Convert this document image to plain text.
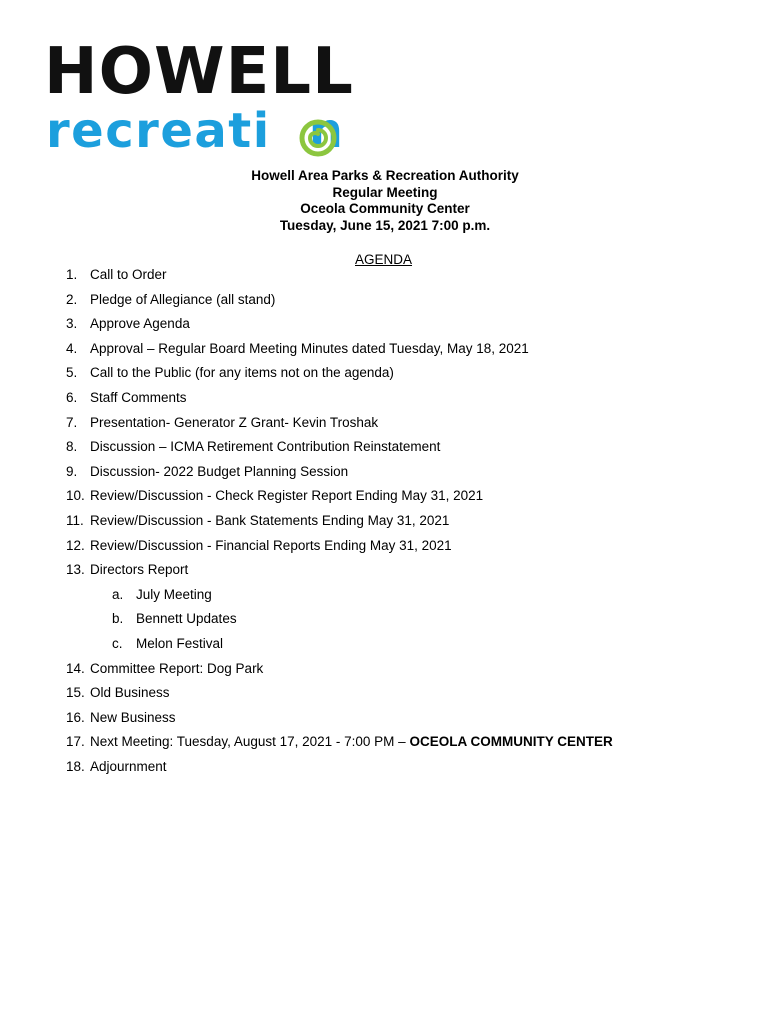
HOWELL
recreati n
Howell Area Parks & Recreation Authority
Regular Meeting
Oceola Community Center
Tuesday, June 15, 2021 7:00 p.m.
AGENDA
1. Call to Order
2. Pledge of Allegiance (all stand)
3. Approve Agenda
4. Approval – Regular Board Meeting Minutes dated Tuesday, May 18, 2021
5. Call to the Public (for any items not on the agenda)
6. Staff Comments
7. Presentation- Generator Z Grant- Kevin Troshak
8. Discussion – ICMA Retirement Contribution Reinstatement
9. Discussion- 2022 Budget Planning Session
10. Review/Discussion - Check Register Report Ending May 31, 2021
11. Review/Discussion - Bank Statements Ending May 31, 2021
12. Review/Discussion - Financial Reports Ending May 31, 2021
13. Directors Report
a. July Meeting
b. Bennett Updates
c. Melon Festival
14. Committee Report: Dog Park
15. Old Business
16. New Business
17. Next Meeting: Tuesday, August 17, 2021 - 7:00 PM – OCEOLA COMMUNITY CENTER
18. Adjournment
